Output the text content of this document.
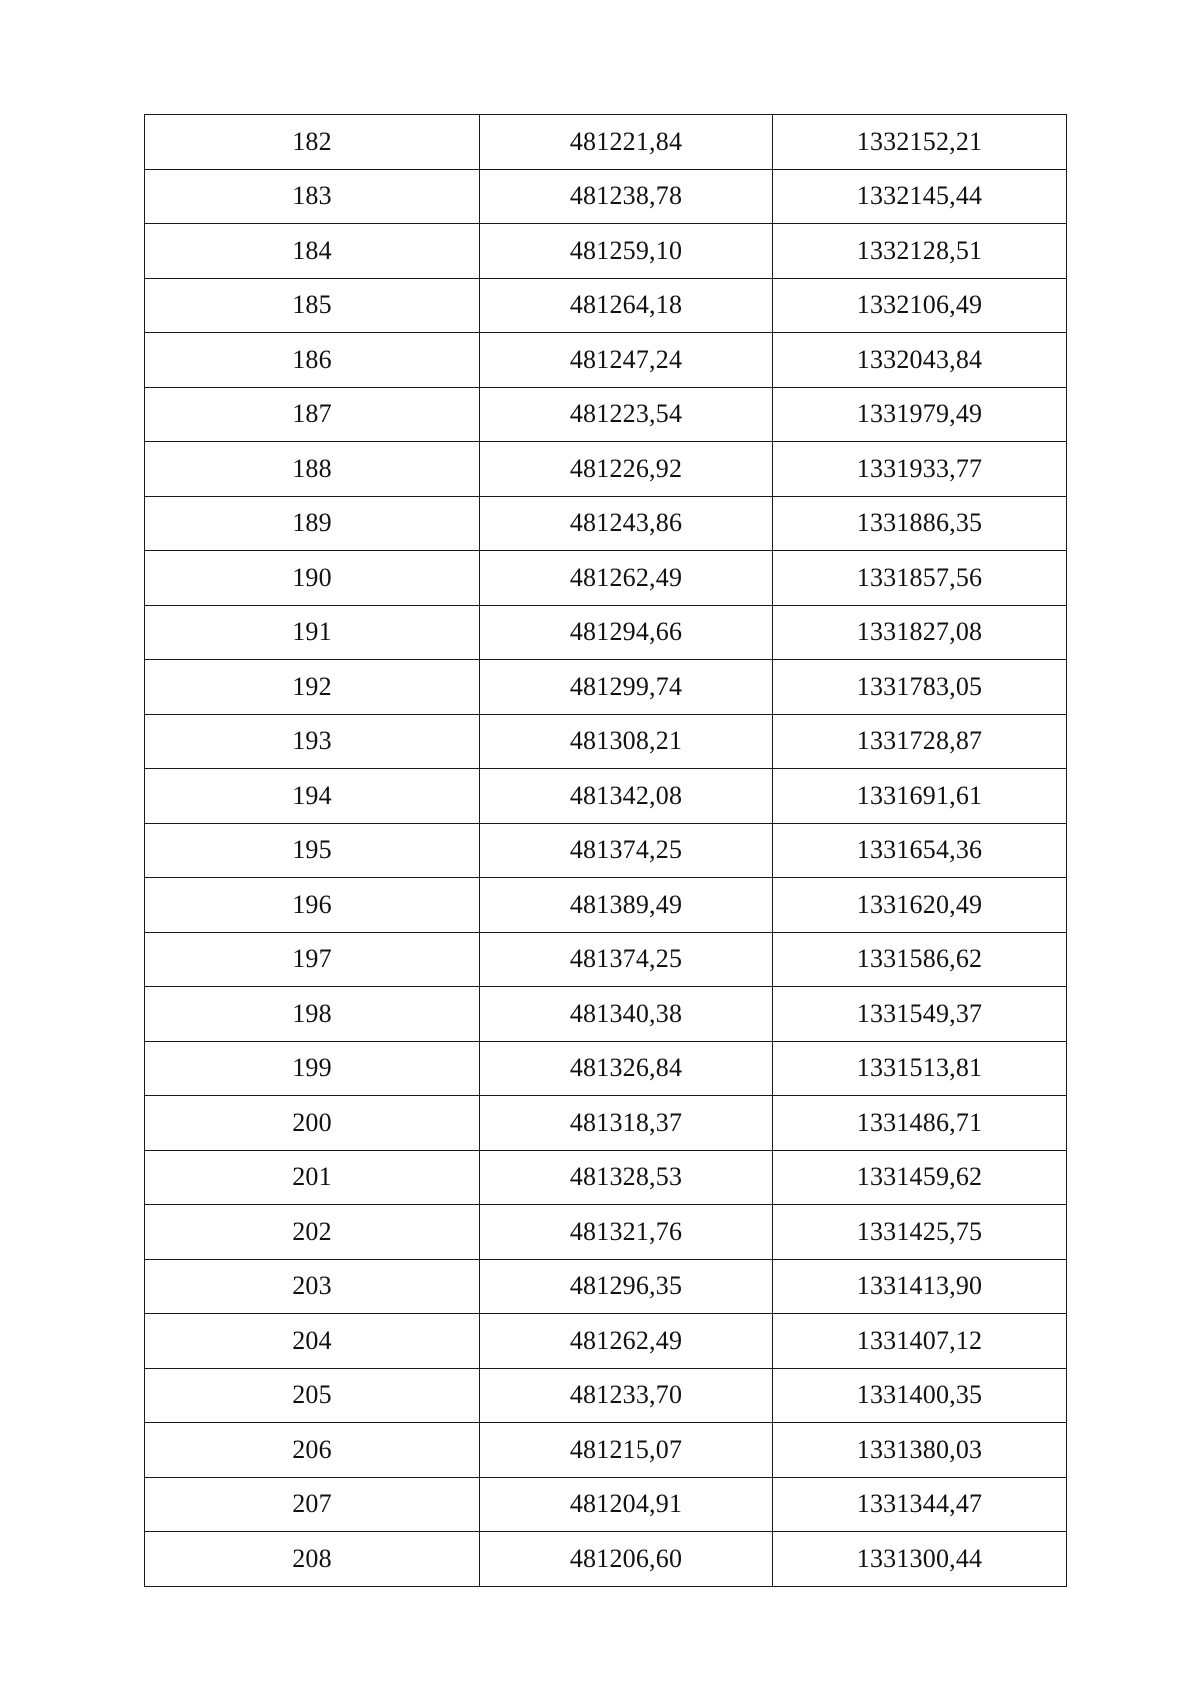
182	481221,84	1332152,21
183	481238,78	1332145,44
184	481259,10	1332128,51
185	481264,18	1332106,49
186	481247,24	1332043,84
187	481223,54	1331979,49
188	481226,92	1331933,77
189	481243,86	1331886,35
190	481262,49	1331857,56
191	481294,66	1331827,08
192	481299,74	1331783,05
193	481308,21	1331728,87
194	481342,08	1331691,61
195	481374,25	1331654,36
196	481389,49	1331620,49
197	481374,25	1331586,62
198	481340,38	1331549,37
199	481326,84	1331513,81
200	481318,37	1331486,71
201	481328,53	1331459,62
202	481321,76	1331425,75
203	481296,35	1331413,90
204	481262,49	1331407,12
205	481233,70	1331400,35
206	481215,07	1331380,03
207	481204,91	1331344,47
208	481206,60	1331300,44
